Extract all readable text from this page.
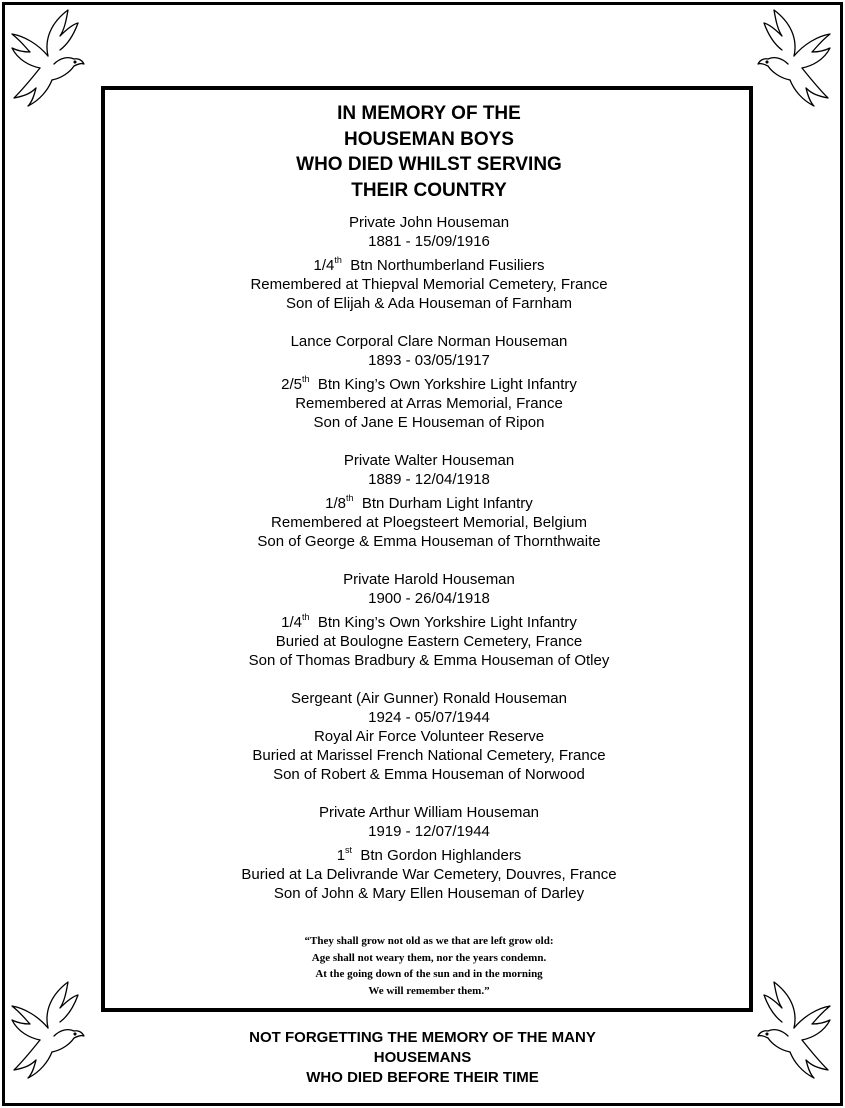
IN MEMORY OF THE
HOUSEMAN BOYS
WHO DIED WHILST SERVING
THEIR COUNTRY
Private John Houseman
1881 - 15/09/1916
1/4th  Btn Northumberland Fusiliers
Remembered at Thiepval Memorial Cemetery, France
Son of Elijah & Ada Houseman of Farnham
Lance Corporal Clare Norman Houseman
1893 - 03/05/1917
2/5th  Btn King’s Own Yorkshire Light Infantry
Remembered at Arras Memorial, France
Son of Jane E Houseman of Ripon
Private Walter Houseman
1889 - 12/04/1918
1/8th  Btn Durham Light Infantry
Remembered at Ploegsteert Memorial, Belgium
Son of George & Emma Houseman of Thornthwaite
Private Harold Houseman
1900 - 26/04/1918
1/4th  Btn King’s Own Yorkshire Light Infantry
Buried at Boulogne Eastern Cemetery, France
Son of Thomas Bradbury & Emma Houseman of Otley
Sergeant (Air Gunner) Ronald Houseman
1924 - 05/07/1944
Royal Air Force Volunteer Reserve
Buried at Marissel French National Cemetery, France
Son of Robert & Emma Houseman of Norwood
Private Arthur William Houseman
1919 - 12/07/1944
1st  Btn Gordon Highlanders
Buried at La Delivrande War Cemetery, Douvres, France
Son of John & Mary Ellen Houseman of Darley
“They shall grow not old as we that are left grow old:
Age shall not weary them, nor the years condemn.
At the going down of the sun and in the morning
We will remember them.”
NOT FORGETTING THE MEMORY OF THE MANY
HOUSEMANS
WHO DIED BEFORE THEIR TIME
